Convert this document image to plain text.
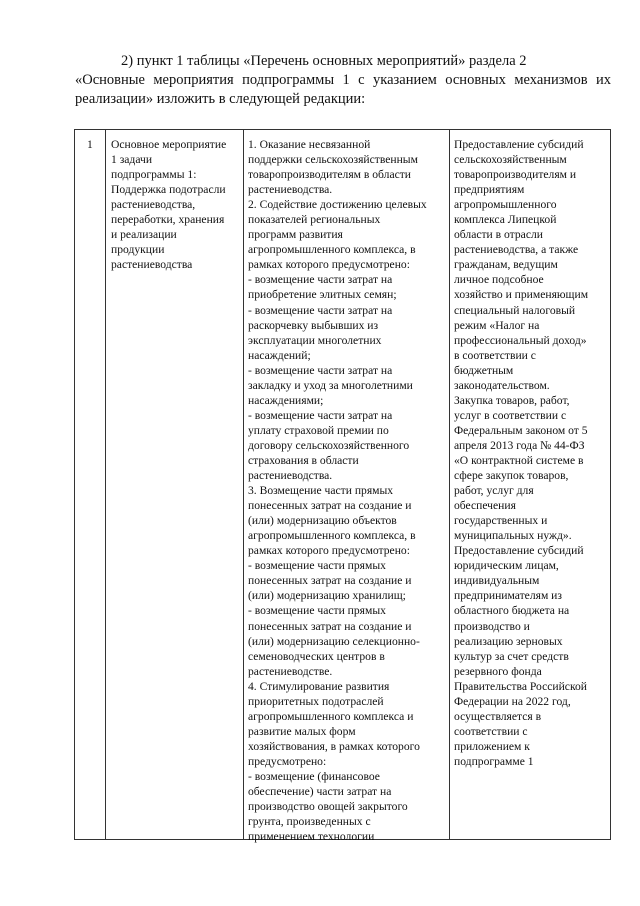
2) пункт 1 таблицы «Перечень основных мероприятий» раздела 2
«Основные мероприятия подпрограммы 1 с указанием основных механизмов их реализации» изложить в следующей редакции:
1	Основное мероприятие
1 задачи
подпрограммы 1:
Поддержка подотрасли
растениеводства,
переработки, хранения
и реализации
продукции
растениеводства
1. Оказание несвязанной
поддержки сельскохозяйственным
товаропроизводителям в области
растениеводства.
2. Содействие достижению целевых
показателей региональных
программ развития
агропромышленного комплекса, в
рамках которого предусмотрено:
- возмещение части затрат на
приобретение элитных семян;
- возмещение части затрат на
раскорчевку выбывших из
эксплуатации многолетних
насаждений;
- возмещение части затрат на
закладку и уход за многолетними
насаждениями;
- возмещение части затрат на
уплату страховой премии по
договору сельскохозяйственного
страхования в области
растениеводства.
3. Возмещение части прямых
понесенных затрат на создание и
(или) модернизацию объектов
агропромышленного комплекса, в
рамках которого предусмотрено:
- возмещение части прямых
понесенных затрат на создание и
(или) модернизацию хранилищ;
- возмещение части прямых
понесенных затрат на создание и
(или) модернизацию селекционно-
семеноводческих центров в
растениеводстве.
4. Стимулирование развития
приоритетных подотраслей
агропромышленного комплекса и
развитие малых форм
хозяйствования, в рамках которого
предусмотрено:
- возмещение (финансовое
обеспечение) части затрат на
производство овощей закрытого
грунта, произведенных с
применением технологии
Предоставление субсидий
сельскохозяйственным
товаропроизводителям и
предприятиям
агропромышленного
комплекса Липецкой
области в отрасли
растениеводства, а также
гражданам, ведущим
личное подсобное
хозяйство и применяющим
специальный налоговый
режим «Налог на
профессиональный доход»
в соответствии с
бюджетным
законодательством.
Закупка товаров, работ,
услуг в соответствии с
Федеральным законом от 5
апреля 2013 года № 44-ФЗ
«О контрактной системе в
сфере закупок товаров,
работ, услуг для
обеспечения
государственных и
муниципальных нужд».
Предоставление субсидий
юридическим лицам,
индивидуальным
предпринимателям из
областного бюджета на
производство и
реализацию зерновых
культур за счет средств
резервного фонда
Правительства Российской
Федерации на 2022 год,
осуществляется в
соответствии с
приложением к
подпрограмме 1
